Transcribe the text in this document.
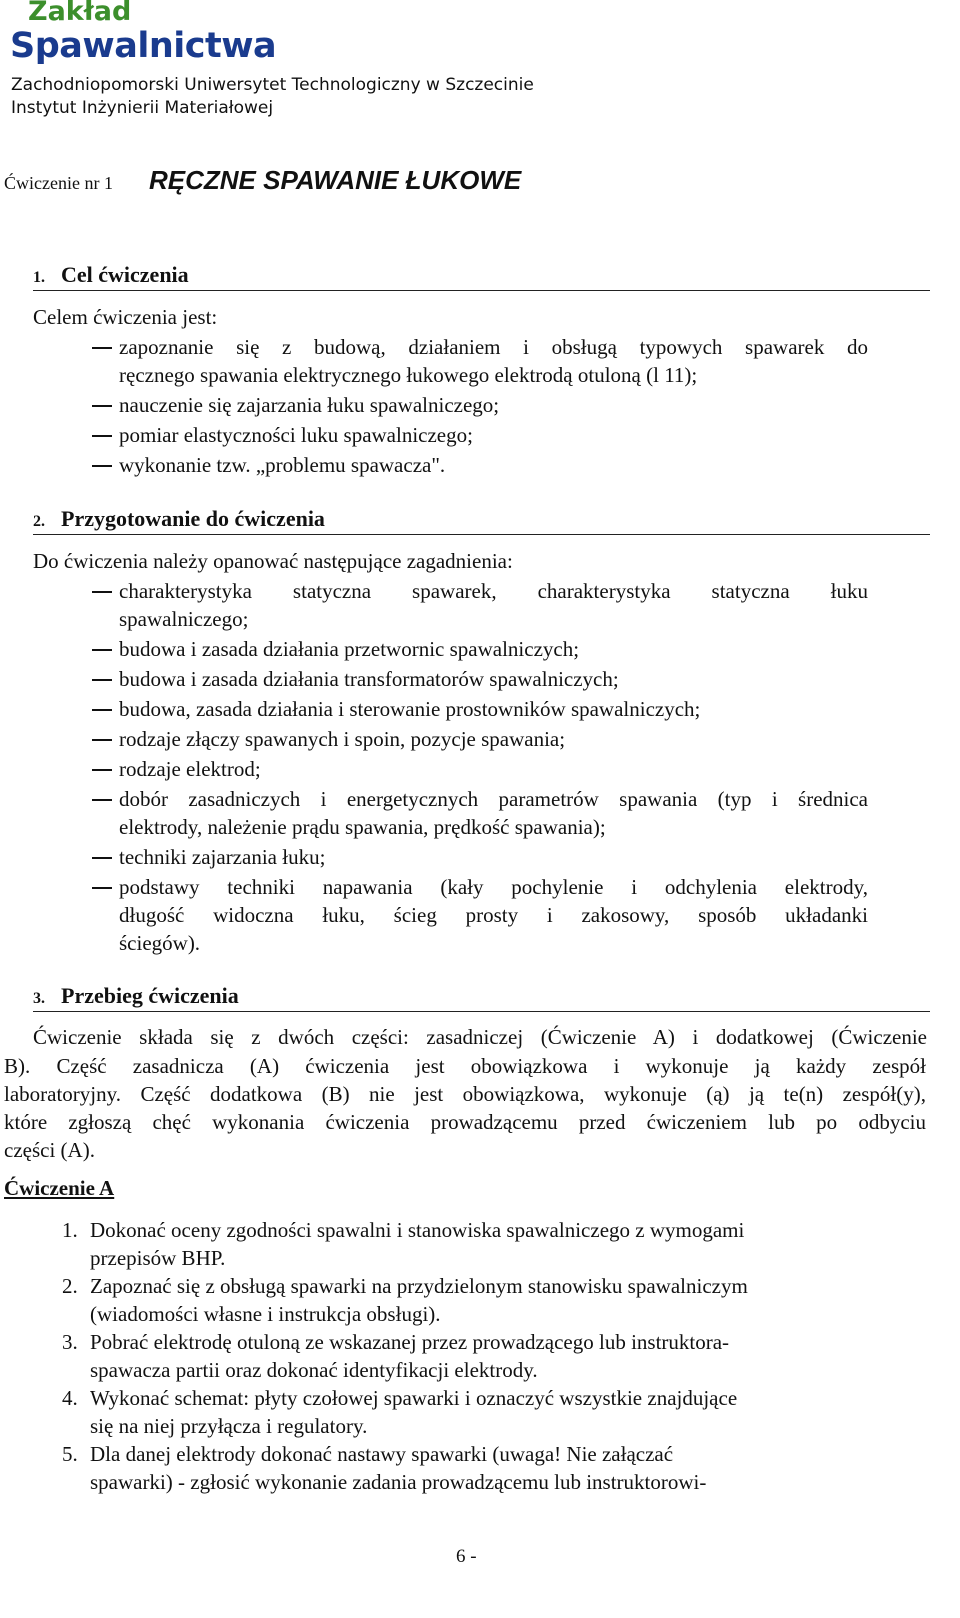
Zakład
Spawalnictwa
Zachodniopomorski Uniwersytet Technologiczny w Szczecinie
Instytut Inżynierii Materiałowej
Ćwiczenie nr 1 RĘCZNE SPAWANIE ŁUKOWE
1. Cel ćwiczenia
Celem ćwiczenia jest:
zapoznanie się z budową, działaniem i obsługą typowych spawarek do
ręcznego spawania elektrycznego łukowego elektrodą otuloną (l 11);
nauczenie się zajarzania łuku spawalniczego;
pomiar elastyczności luku spawalniczego;
wykonanie tzw. „problemu spawacza".
2. Przygotowanie do ćwiczenia
Do ćwiczenia należy opanować następujące zagadnienia:
charakterystyka statyczna spawarek, charakterystyka statyczna łuku
spawalniczego;
budowa i zasada działania przetwornic spawalniczych;
budowa i zasada działania transformatorów spawalniczych;
budowa, zasada działania i sterowanie prostowników spawalniczych;
rodzaje złączy spawanych i spoin, pozycje spawania;
rodzaje elektrod;
dobór zasadniczych i energetycznych parametrów spawania (typ i średnica
elektrody, należenie prądu spawania, prędkość spawania);
techniki zajarzania łuku;
podstawy techniki napawania (kały pochylenie i odchylenia elektrody,
długość widoczna łuku, ścieg prosty i zakosowy, sposób układanki
ściegów).
3. Przebieg ćwiczenia
Ćwiczenie składa się z dwóch części: zasadniczej (Ćwiczenie A) i dodatkowej (Ćwiczenie
B). Część zasadnicza (A) ćwiczenia jest obowiązkowa i wykonuje ją każdy zespół
laboratoryjny. Część dodatkowa (B) nie jest obowiązkowa, wykonuje (ą) ją te(n) zespół(y),
które zgłoszą chęć wykonania ćwiczenia prowadzącemu przed ćwiczeniem lub po odbyciu
części (A).
Ćwiczenie A
1. Dokonać oceny zgodności spawalni i stanowiska spawalniczego z wymogami
przepisów BHP.
2. Zapoznać się z obsługą spawarki na przydzielonym stanowisku spawalniczym
(wiadomości własne i instrukcja obsługi).
3. Pobrać elektrodę otuloną ze wskazanej przez prowadzącego lub instruktora-
spawacza partii oraz dokonać identyfikacji elektrody.
4. Wykonać schemat: płyty czołowej spawarki i oznaczyć wszystkie znajdujące
się na niej przyłącza i regulatory.
5. Dla danej elektrody dokonać nastawy spawarki (uwaga! Nie załączać
spawarki) - zgłosić wykonanie zadania prowadzącemu lub instruktorowi-
6 -
